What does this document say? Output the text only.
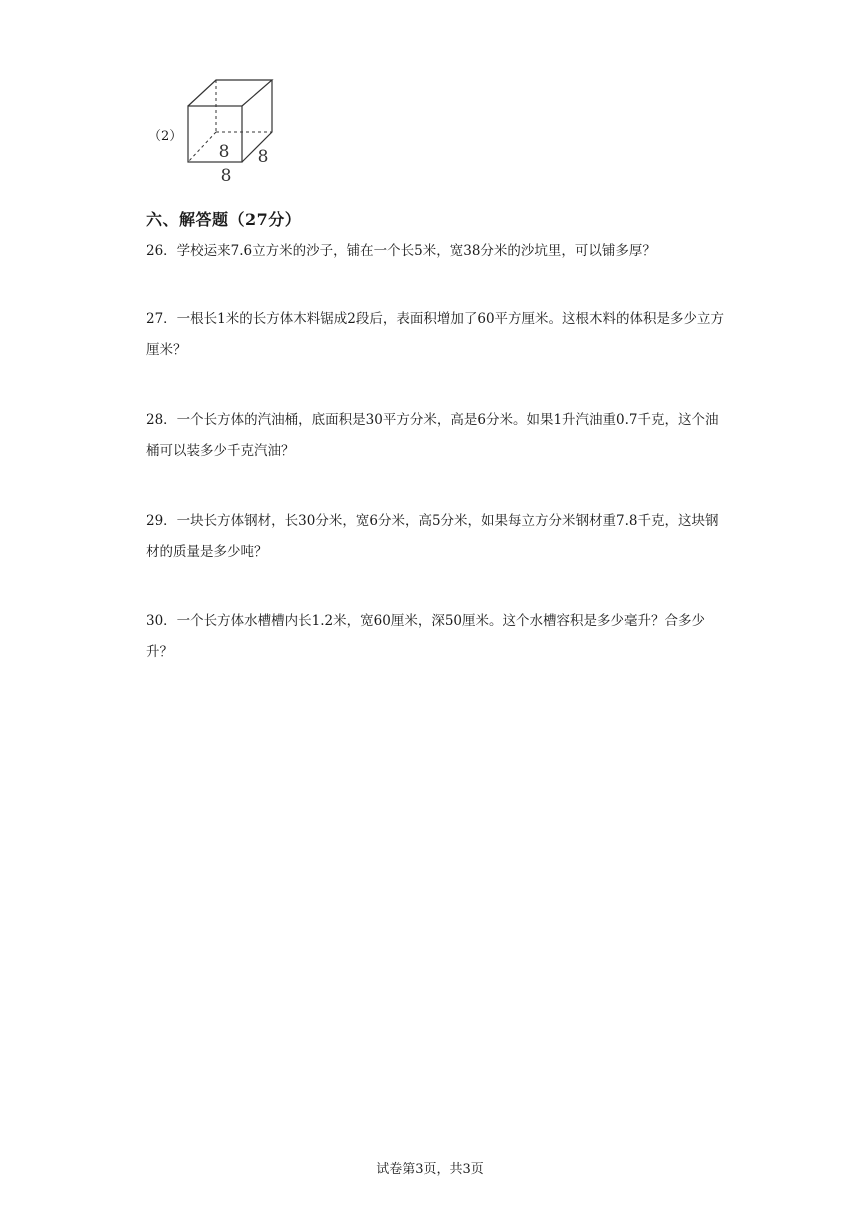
（2）
8 8
8
六、解答题（27分）
26．学校运来7.6立方米的沙子，铺在一个长5米，宽38分米的沙坑里，可以铺多厚？
27．一根长1米的长方体木料锯成2段后，表面积增加了60平方厘米。这根木料的体积是多少立方厘米？
28．一个长方体的汽油桶，底面积是30平方分米，高是6分米。如果1升汽油重0.7千克，这个油桶可以装多少千克汽油？
29．一块长方体钢材，长30分米，宽6分米，高5分米，如果每立方分米钢材重7.8千克，这块钢材的质量是多少吨？
30．一个长方体水槽槽内长1.2米，宽60厘米，深50厘米。这个水槽容积是多少毫升？合多少升？
试卷第3页，共3页
